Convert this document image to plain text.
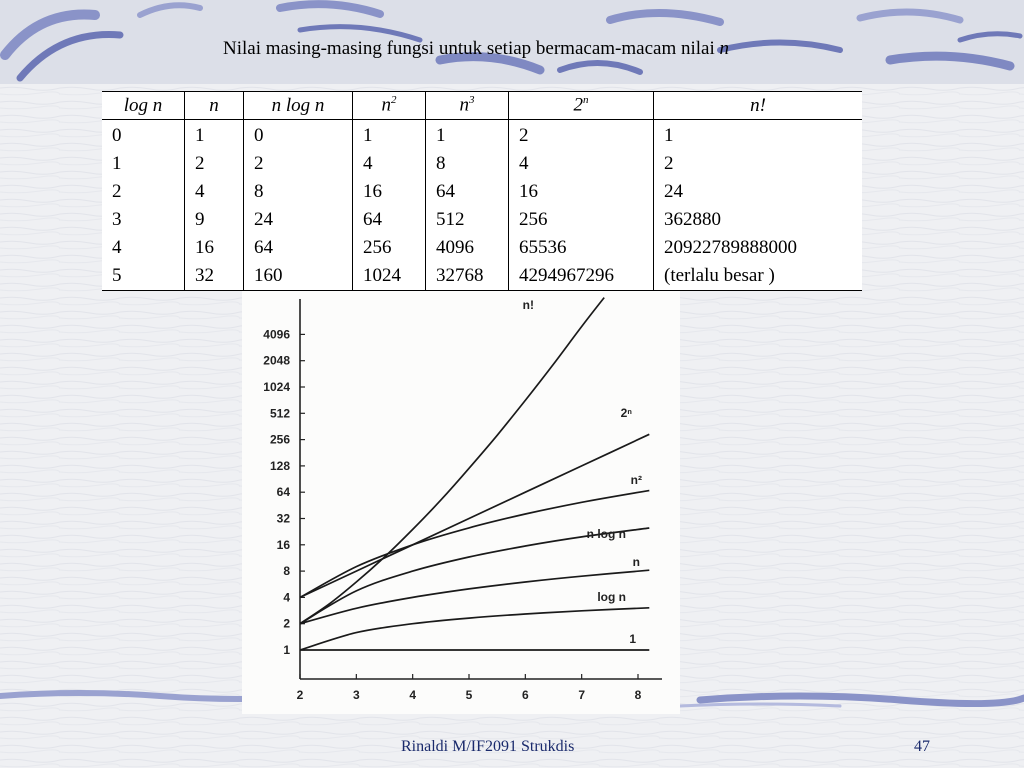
Nilai masing-masing fungsi untuk setiap bermacam-macam nilai n
log n	n	n log n	$n^2$	$n^3$	2$^n$	n!
0	1	0	1	1	2	1
1	2	2	4	8	4	2
2	4	8	16	64	16	24
3	9	24	64	512	256	362880
4	16	64	256	4096	65536	20922789888000
5	32	160	1024	32768	4294967296	(terlalu besar )
2	3	4	5	6	7	8
1
2
4
8
16
32
64
128
256
512
1024
2048
4096
n!
2ⁿ
n²
n log n
n
log n
1
Rinaldi M/IF2091 Strukdis	47
